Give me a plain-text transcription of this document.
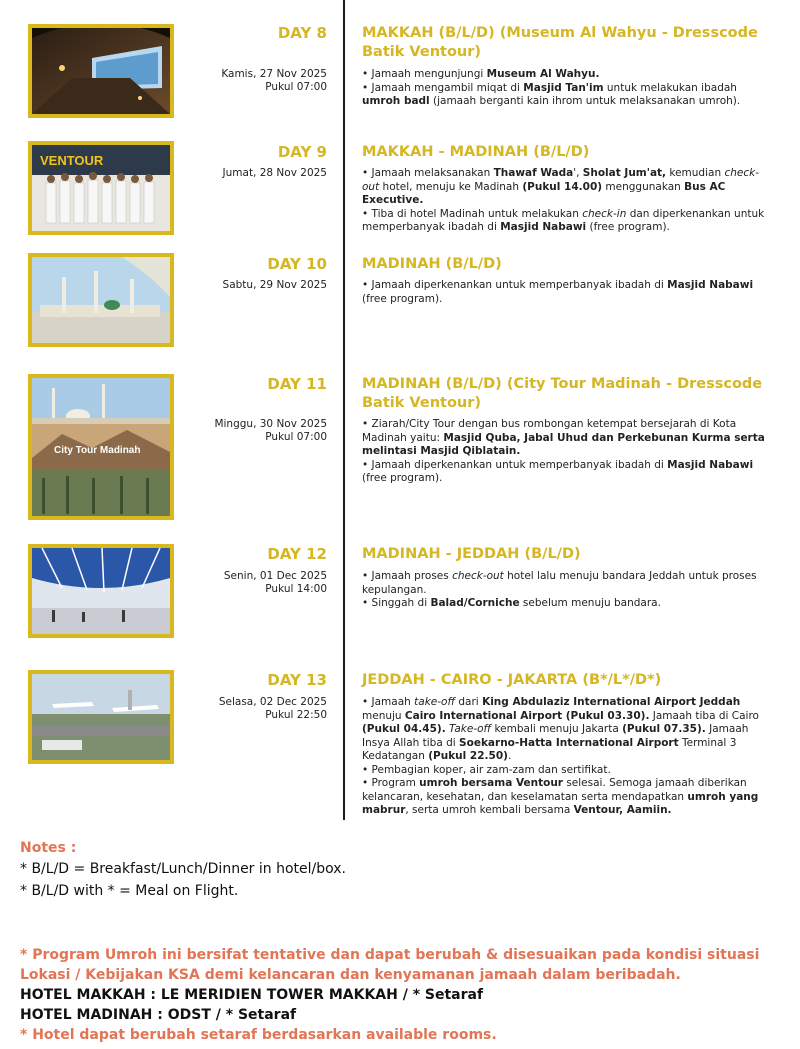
DAY 8
Kamis, 27 Nov 2025
Pukul 07:00
MAKKAH (B/L/D) (Museum Al Wahyu - Dresscode Batik Ventour)

• Jamaah mengunjungi Museum Al Wahyu.

• Jamaah mengambil miqat di Masjid Tan'im untuk melakukan ibadah umroh badl (jamaah berganti kain ihrom untuk melaksanakan umroh).

VENTOUR	DAY 9
Jumat, 28 Nov 2025
MAKKAH - MADINAH (B/L/D)

• Jamaah melaksanakan Thawaf Wada', Sholat Jum'at, kemudian check-out hotel, menuju ke Madinah (Pukul 14.00) menggunakan Bus AC Executive.

• Tiba di hotel Madinah untuk melakukan check-in dan diperkenankan untuk memperbanyak ibadah di Masjid Nabawi (free program).

DAY 10
Sabtu, 29 Nov 2025
MADINAH (B/L/D)

• Jamaah diperkenankan untuk memperbanyak ibadah di Masjid Nabawi (free program).

City Tour Madinah
DAY 11
Minggu, 30 Nov 2025
Pukul 07:00
MADINAH (B/L/D) (City Tour Madinah - Dresscode Batik Ventour)

• Ziarah/City Tour dengan bus rombongan ketempat bersejarah di Kota Madinah yaitu: Masjid Quba, Jabal Uhud dan Perkebunan Kurma serta melintasi Masjid Qiblatain.

• Jamaah diperkenankan untuk memperbanyak ibadah di Masjid Nabawi (free program).

DAY 12
Senin, 01 Dec 2025
Pukul 14:00
MADINAH - JEDDAH (B/L/D)

• Jamaah proses check-out hotel lalu menuju bandara Jeddah untuk proses kepulangan.

• Singgah di Balad/Corniche sebelum menuju bandara.

DAY 13
Selasa, 02 Dec 2025
Pukul 22:50
JEDDAH - CAIRO - JAKARTA (B*/L*/D*)

• Jamaah take-off dari King Abdulaziz International Airport Jeddah menuju Cairo International Airport (Pukul 03.30). Jamaah tiba di Cairo (Pukul 04.45). Take-off kembali menuju Jakarta (Pukul 07.35). Jamaah Insya Allah tiba di Soekarno-Hatta International Airport Terminal 3 Kedatangan (Pukul 22.50).

• Pembagian koper, air zam-zam dan sertifikat.

• Program umroh bersama Ventour selesai. Semoga jamaah diberikan kelancaran, kesehatan, dan keselamatan serta mendapatkan umroh yang mabrur, serta umroh kembali bersama Ventour, Aamiin.

Notes :
* B/L/D = Breakfast/Lunch/Dinner in hotel/box.
* B/L/D with * = Meal on Flight.
* Program Umroh ini bersifat tentative dan dapat berubah & disesuaikan pada kondisi situasi Lokasi / Kebijakan KSA demi kelancaran dan kenyamanan jamaah dalam beribadah.
HOTEL MAKKAH : LE MERIDIEN TOWER MAKKAH / * Setaraf
HOTEL MADINAH : ODST / * Setaraf
* Hotel dapat berubah setaraf berdasarkan available rooms.
